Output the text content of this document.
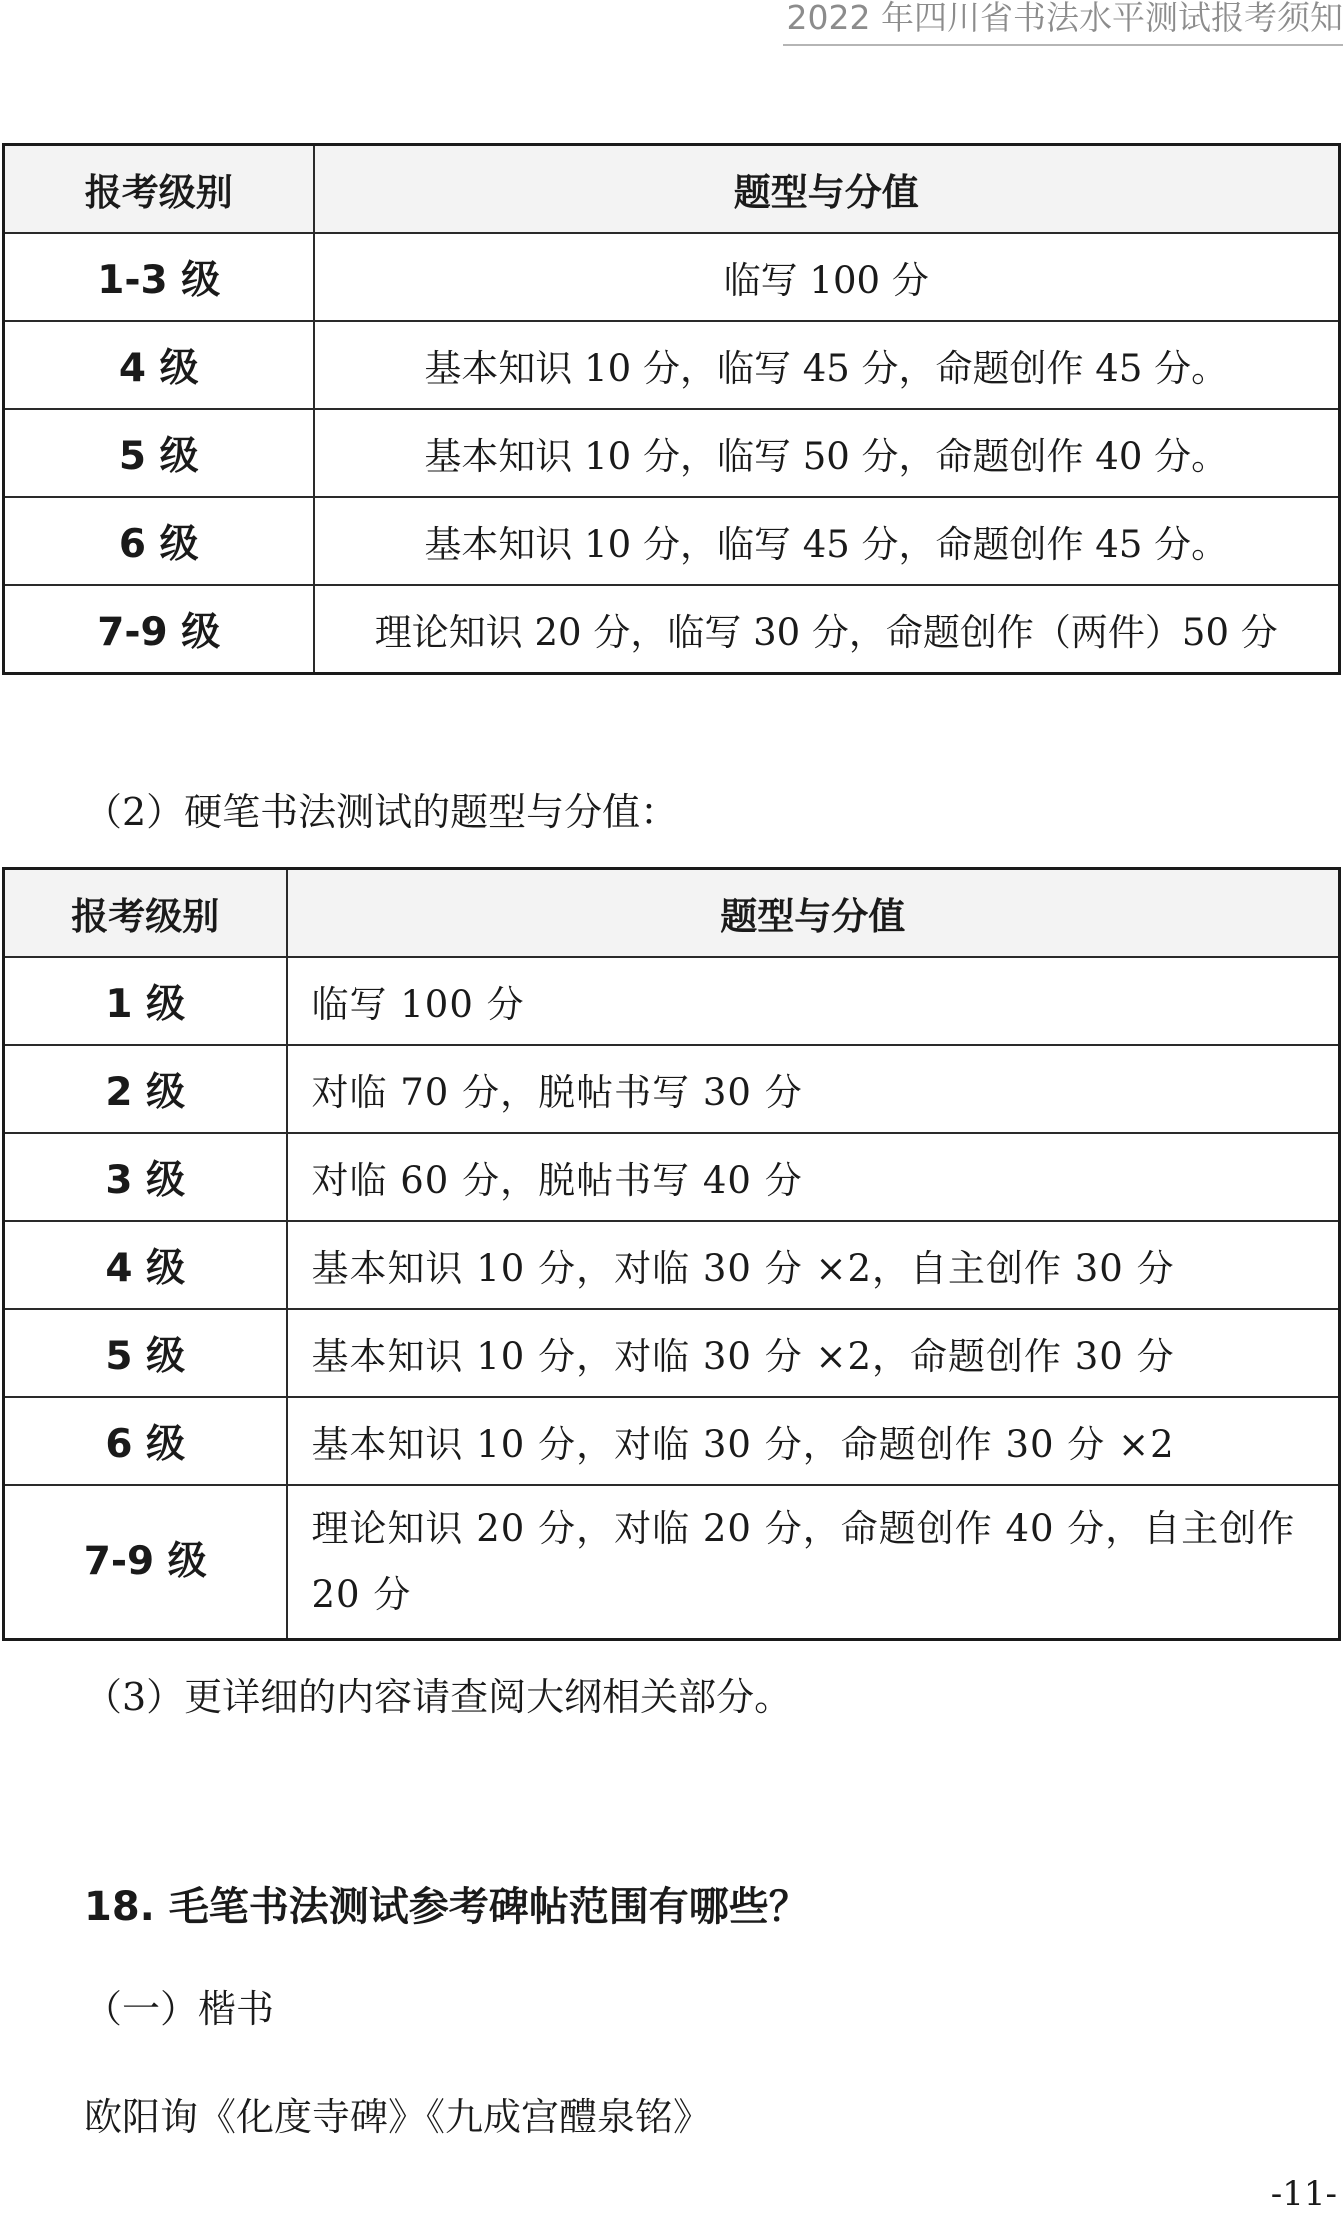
2022 年四川省书法水平测试报考须知
报考级别	题型与分值
1-3 级	临写 100 分
4 级	基本知识 10 分，临写 45 分，命题创作 45 分。
5 级	基本知识 10 分，临写 50 分，命题创作 40 分。
6 级	基本知识 10 分，临写 45 分，命题创作 45 分。
7-9 级	理论知识 20 分，临写 30 分，命题创作（两件）50 分
（2）硬笔书法测试的题型与分值：
报考级别	题型与分值
1 级	临写 100 分
2 级	对临 70 分，脱帖书写 30 分
3 级	对临 60 分，脱帖书写 40 分
4 级	基本知识 10 分，对临 30 分 ×2，自主创作 30 分
5 级	基本知识 10 分，对临 30 分 ×2，命题创作 30 分
6 级	基本知识 10 分，对临 30 分，命题创作 30 分 ×2
7-9 级	理论知识 20 分，对临 20 分，命题创作 40 分，自主创作 20 分
（3）更详细的内容请查阅大纲相关部分。
18. 毛笔书法测试参考碑帖范围有哪些？
（一）楷书
欧阳询《化度寺碑》《九成宫醴泉铭》
-11-
